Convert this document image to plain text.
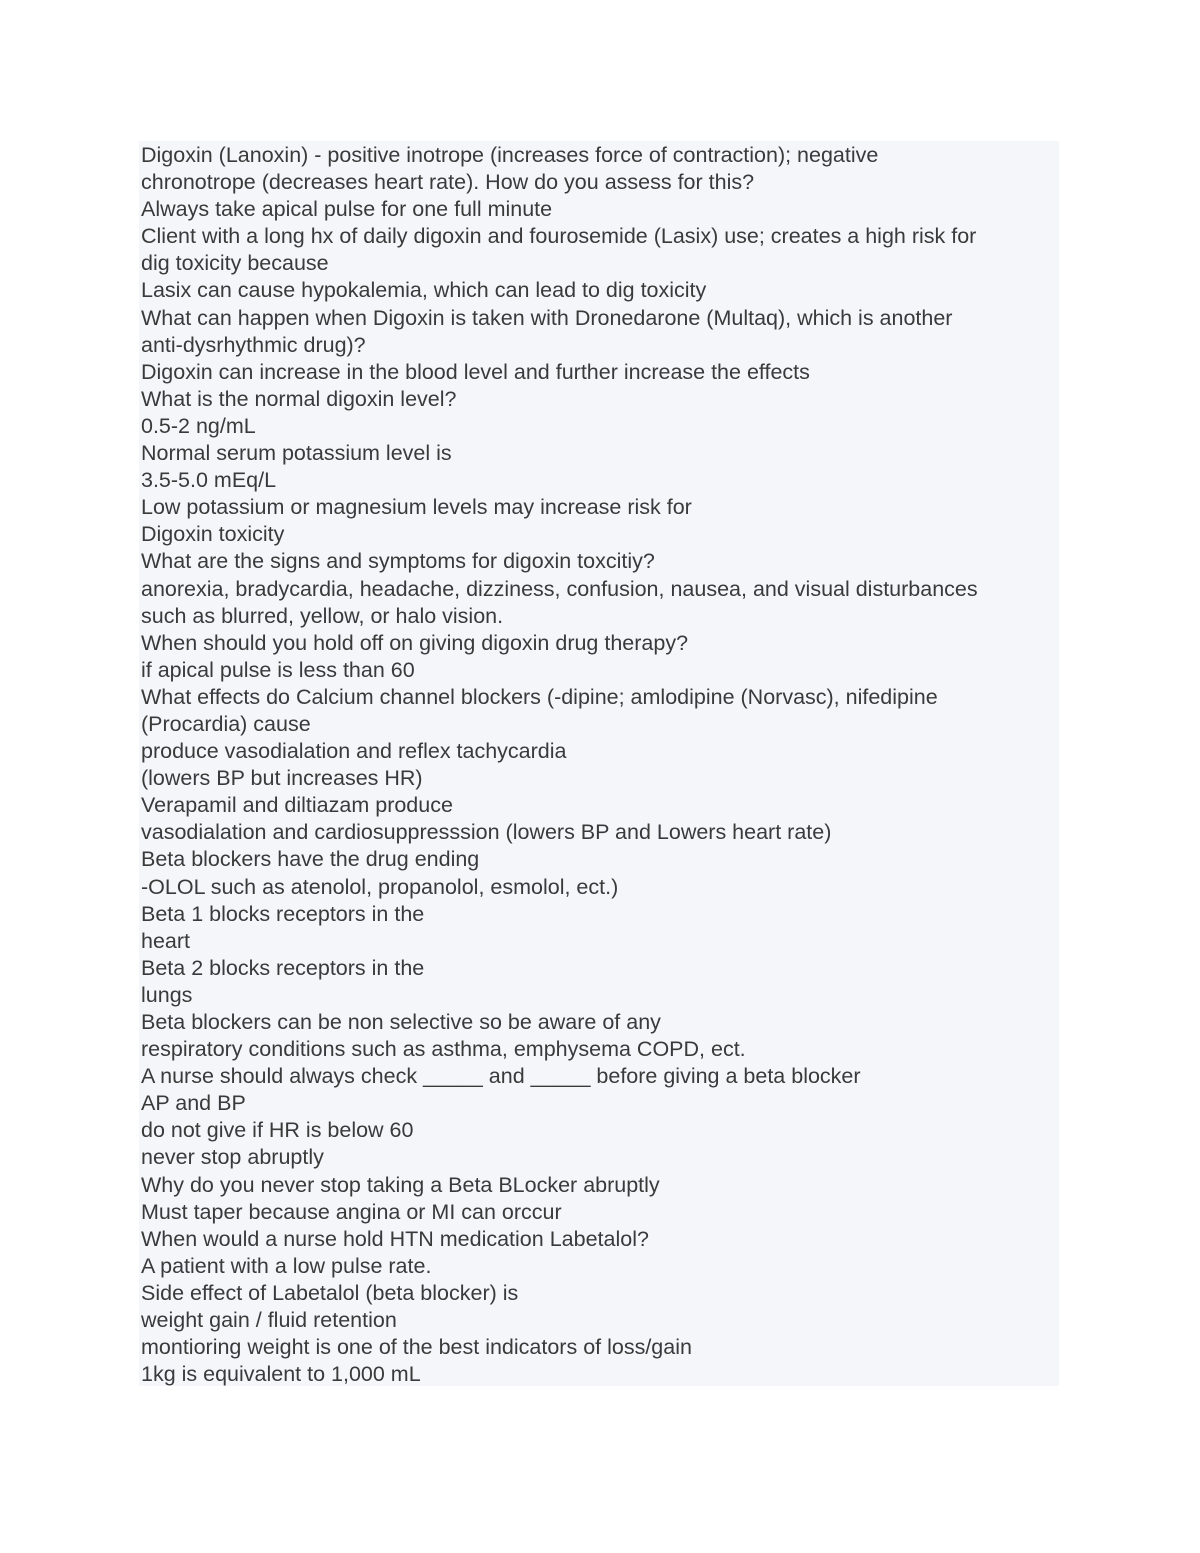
Digoxin (Lanoxin) - positive inotrope (increases force of contraction); negative

chronotrope (decreases heart rate). How do you assess for this?

Always take apical pulse for one full minute

Client with a long hx of daily digoxin and fourosemide (Lasix) use; creates a high risk for

dig toxicity because

Lasix can cause hypokalemia, which can lead to dig toxicity

What can happen when Digoxin is taken with Dronedarone (Multaq), which is another

anti-dysrhythmic drug)?

Digoxin can increase in the blood level and further increase the effects

What is the normal digoxin level?

0.5-2 ng/mL

Normal serum potassium level is

3.5-5.0 mEq/L

Low potassium or magnesium levels may increase risk for

Digoxin toxicity

What are the signs and symptoms for digoxin toxcitiy?

anorexia, bradycardia, headache, dizziness, confusion, nausea, and visual disturbances

such as blurred, yellow, or halo vision.

When should you hold off on giving digoxin drug therapy?

if apical pulse is less than 60

What effects do Calcium channel blockers (-dipine; amlodipine (Norvasc), nifedipine

(Procardia) cause

produce vasodialation and reflex tachycardia

(lowers BP but increases HR)

Verapamil and diltiazam produce

vasodialation and cardiosuppresssion (lowers BP and Lowers heart rate)

Beta blockers have the drug ending

-OLOL such as atenolol, propanolol, esmolol, ect.)

Beta 1 blocks receptors in the

heart

Beta 2 blocks receptors in the

lungs

Beta blockers can be non selective so be aware of any

respiratory conditions such as asthma, emphysema COPD, ect.

A nurse should always check _____ and _____ before giving a beta blocker

AP and BP

do not give if HR is below 60

never stop abruptly

Why do you never stop taking a Beta BLocker abruptly

Must taper because angina or MI can orccur

When would a nurse hold HTN medication Labetalol?

A patient with a low pulse rate.

Side effect of Labetalol (beta blocker) is

weight gain / fluid retention

montioring weight is one of the best indicators of loss/gain

1kg is equivalent to 1,000 mL
